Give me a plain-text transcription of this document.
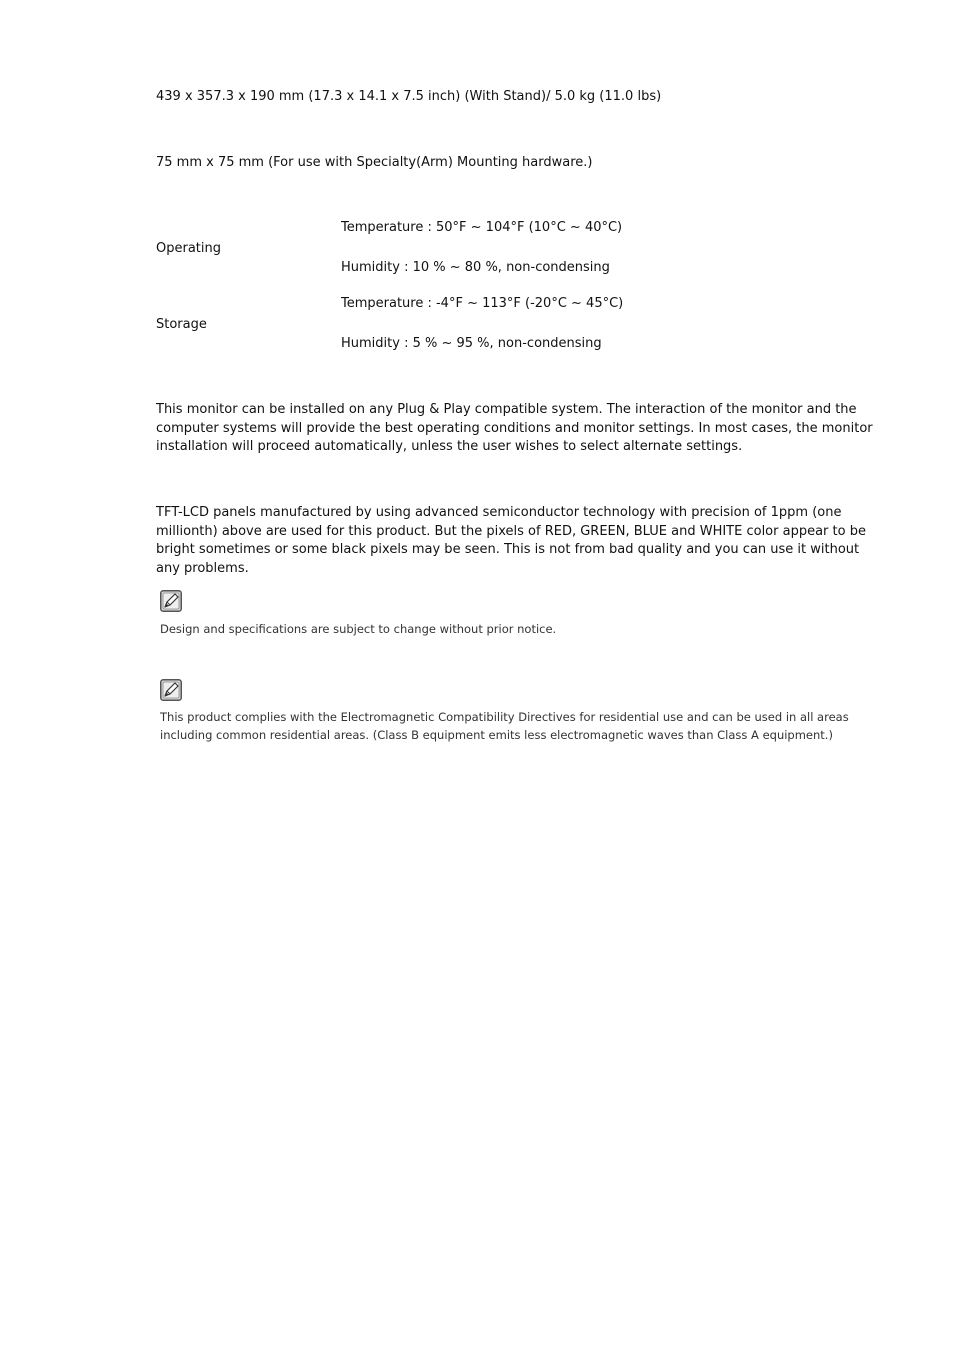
439 x 357.3 x 190 mm (17.3 x 14.1 x 7.5 inch) (With Stand)/ 5.0 kg (11.0 lbs)
75 mm x 75 mm (For use with Specialty(Arm) Mounting hardware.)
Operating
Temperature : 50°F ~ 104°F (10°C ~ 40°C)
Humidity : 10 % ~ 80 %, non-condensing
Storage
Temperature : -4°F ~ 113°F (-20°C ~ 45°C)
Humidity : 5 % ~ 95 %, non-condensing
This monitor can be installed on any Plug & Play compatible system. The interaction of the monitor and the computer systems will provide the best operating conditions and monitor settings. In most cases, the monitor installation will proceed automatically, unless the user wishes to select alternate settings.
TFT-LCD panels manufactured by using advanced semiconductor technology with precision of 1ppm (one millionth) above are used for this product. But the pixels of RED, GREEN, BLUE and WHITE color appear to be bright sometimes or some black pixels may be seen. This is not from bad quality and you can use it without any problems.
Design and specifications are subject to change without prior notice.
This product complies with the Electromagnetic Compatibility Directives for residential use and can be used in all areas including common residential areas. (Class B equipment emits less electromagnetic waves than Class A equipment.)
